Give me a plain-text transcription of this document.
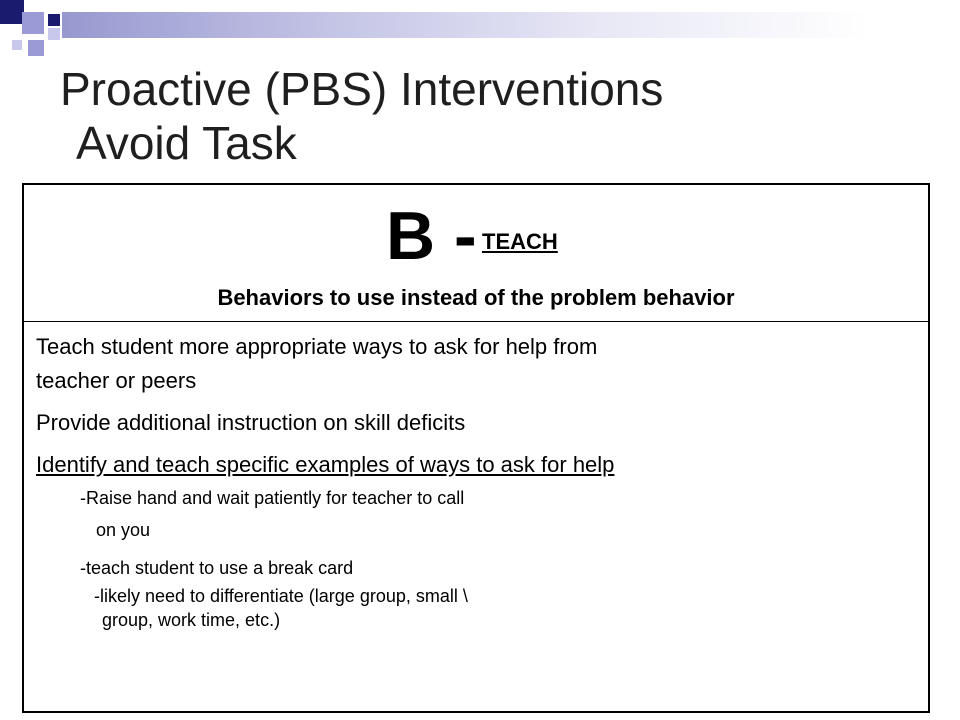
Proactive (PBS) Interventions
Avoid Task
B - TEACH
Behaviors to use instead of the problem behavior

Teach student more appropriate ways to ask for help from

teacher or peers

Provide additional instruction on skill deficits

Identify and teach specific examples of ways to ask for help

-Raise hand and wait patiently for teacher to call

on you

-teach student to use a break card

-likely need to differentiate (large group, small \

group, work time, etc.)
